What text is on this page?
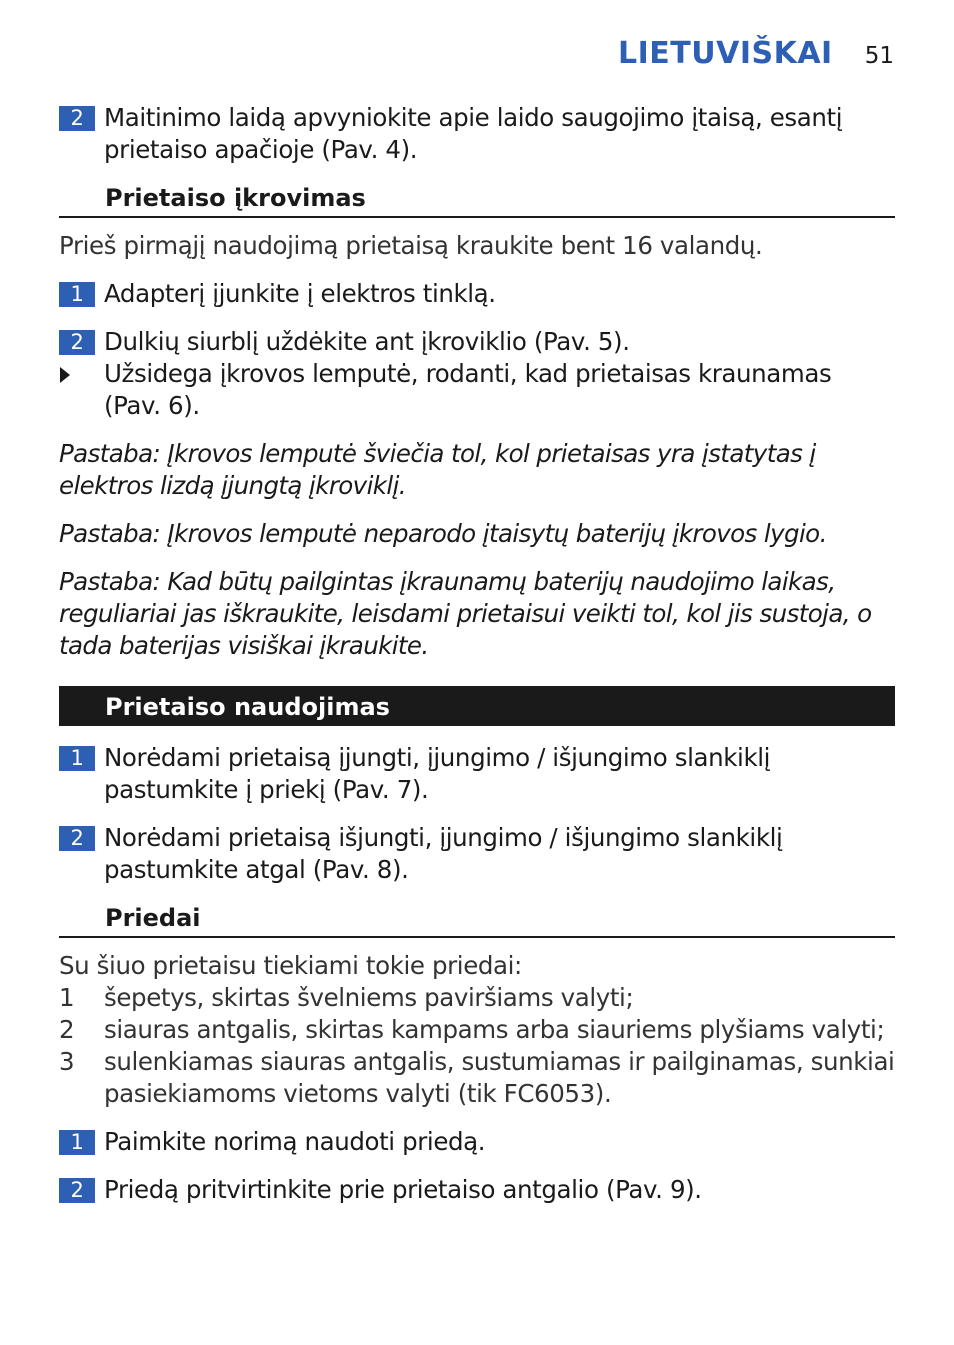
LIETUVIŠKAI 51
2 Maitinimo laidą apvyniokite apie laido saugojimo įtaisą, esantį prietaiso apačioje (Pav. 4).
Prietaiso įkrovimas
Prieš pirmąjį naudojimą prietaisą kraukite bent 16 valandų.
1 Adapterį įjunkite į elektros tinklą.
2 Dulkių siurblį uždėkite ant įkroviklio (Pav. 5).
Užsidega įkrovos lemputė, rodanti, kad prietaisas kraunamas (Pav. 6).
Pastaba: Įkrovos lemputė šviečia tol, kol prietaisas yra įstatytas į elektros lizdą įjungtą įkroviklį.
Pastaba: Įkrovos lemputė neparodo įtaisytų baterijų įkrovos lygio.
Pastaba: Kad būtų pailgintas įkraunamų baterijų naudojimo laikas, reguliariai jas iškraukite, leisdami prietaisui veikti tol, kol jis sustoja, o tada baterijas visiškai įkraukite.
Prietaiso naudojimas
1 Norėdami prietaisą įjungti, įjungimo / išjungimo slankiklį pastumkite į priekį (Pav. 7).
2 Norėdami prietaisą išjungti, įjungimo / išjungimo slankiklį pastumkite atgal (Pav. 8).
Priedai
Su šiuo prietaisu tiekiami tokie priedai:
1 šepetys, skirtas švelniems paviršiams valyti;
2 siauras antgalis, skirtas kampams arba siauriems plyšiams valyti;
3 sulenkiamas siauras antgalis, sustumiamas ir pailginamas, sunkiai pasiekiamoms vietoms valyti (tik FC6053).
1 Paimkite norimą naudoti priedą.
2 Priedą pritvirtinkite prie prietaiso antgalio (Pav. 9).
